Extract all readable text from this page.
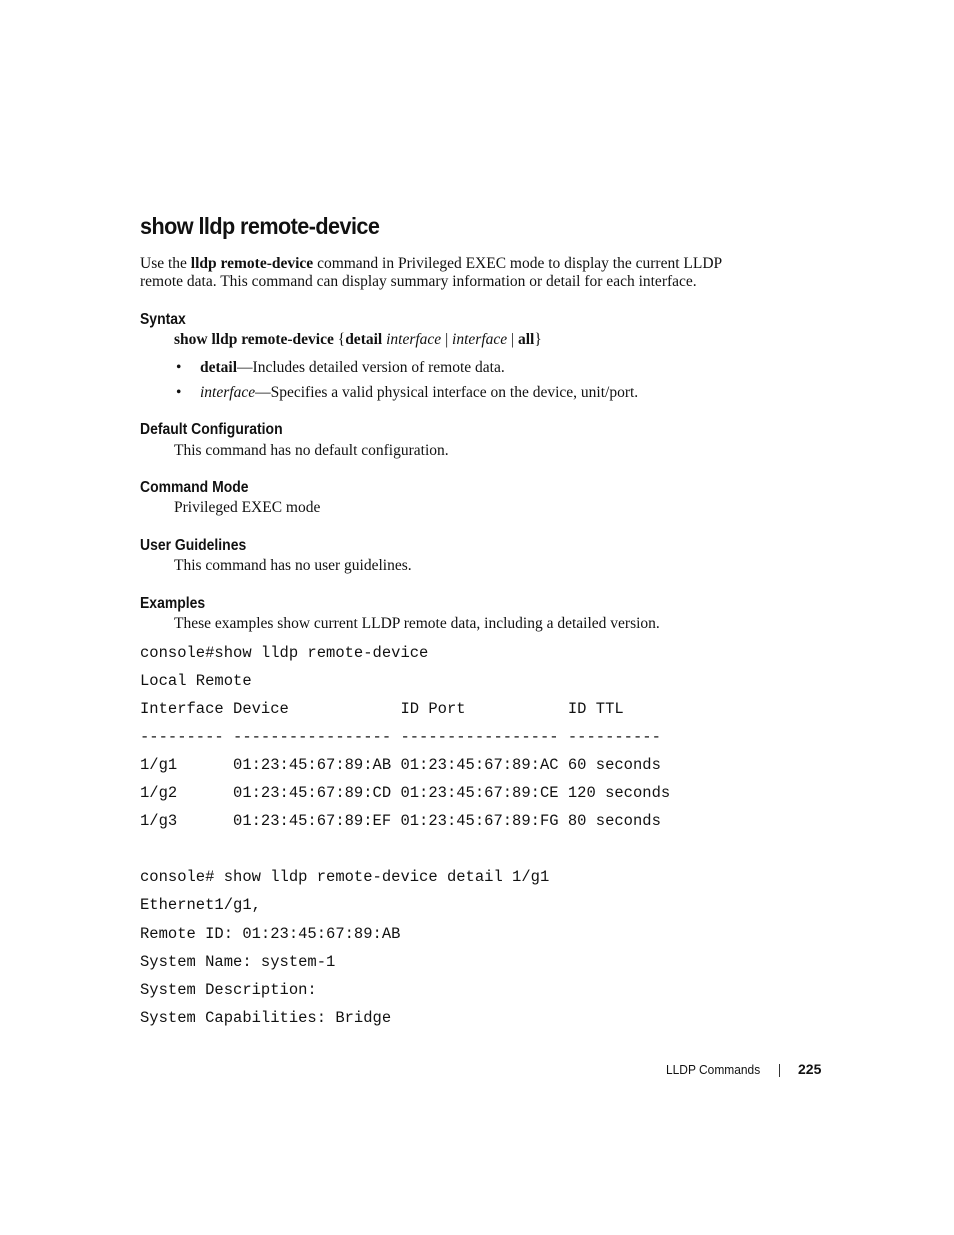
show lldp remote-device

Use the lldp remote-device command in Privileged EXEC mode to display the current LLDP remote data. This command can display summary information or detail for each interface.

Syntax

show lldp remote-device {detail interface | interface | all}

• detail—Includes detailed version of remote data.

• interface—Specifies a valid physical interface on the device, unit/port.

Default Configuration

This command has no default configuration.

Command Mode

Privileged EXEC mode

User Guidelines

This command has no user guidelines.

Examples

These examples show current LLDP remote data, including a detailed version.

console#show lldp remote-device
Local Remote
Interface Device            ID Port           ID TTL
--------- ----------------- ----------------- ----------
1/g1      01:23:45:67:89:AB 01:23:45:67:89:AC 60 seconds
1/g2      01:23:45:67:89:CD 01:23:45:67:89:CE 120 seconds
1/g3      01:23:45:67:89:EF 01:23:45:67:89:FG 80 seconds
console# show lldp remote-device detail 1/g1
Ethernet1/g1,
Remote ID: 01:23:45:67:89:AB
System Name: system-1
System Description:
System Capabilities: Bridge
LLDP Commands	225
